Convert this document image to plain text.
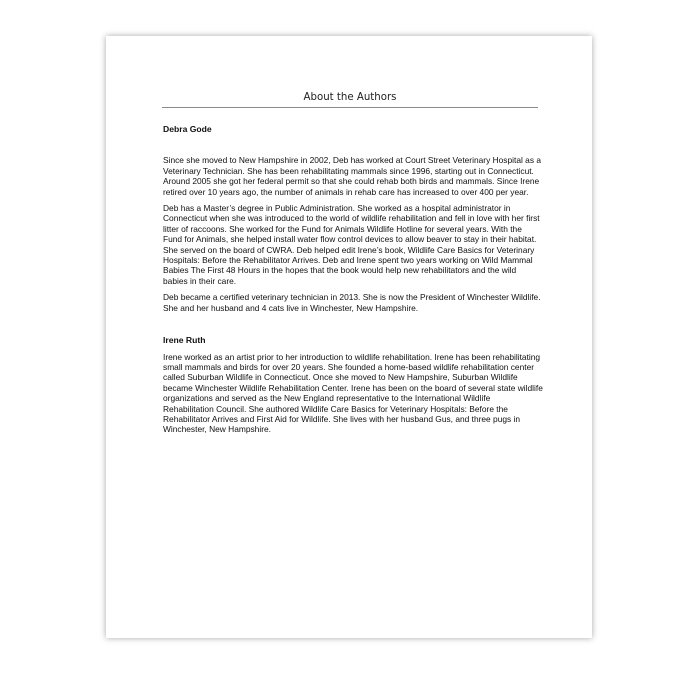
About the Authors

Debra Gode

Since she moved to New Hampshire in 2002, Deb has worked at Court Street Veterinary Hospital as a Veterinary Technician. She has been rehabilitating mammals since 1996, starting out in Connecticut. Around 2005 she got her federal permit so that she could rehab both birds and mammals. Since Irene retired over 10 years ago, the number of animals in rehab care has increased to over 400 per year.

Deb has a Master’s degree in Public Administration. She worked as a hospital administrator in Connecticut when she was introduced to the world of wildlife rehabilitation and fell in love with her first litter of raccoons. She worked for the Fund for Animals Wildlife Hotline for several years. With the Fund for Animals, she helped install water flow control devices to allow beaver to stay in their habitat. She served on the board of CWRA. Deb helped edit Irene’s book, Wildlife Care Basics for Veterinary Hospitals: Before the Rehabilitator Arrives. Deb and Irene spent two years working on Wild Mammal Babies The First 48 Hours in the hopes that the book would help new rehabilitators and the wild babies in their care.

Deb became a certified veterinary technician in 2013. She is now the President of Winchester Wildlife. She and her husband and 4 cats live in Winchester, New Hampshire.

Irene Ruth

Irene worked as an artist prior to her introduction to wildlife rehabilitation. Irene has been rehabilitating small mammals and birds for over 20 years. She founded a home-based wildlife rehabilitation center called Suburban Wildlife in Connecticut. Once she moved to New Hampshire, Suburban Wildlife became Winchester Wildlife Rehabilitation Center. Irene has been on the board of several state wildlife organizations and served as the New England representative to the International Wildlife Rehabilitation Council. She authored Wildlife Care Basics for Veterinary Hospitals: Before the Rehabilitator Arrives and First Aid for Wildlife. She lives with her husband Gus, and three pugs in Winchester, New Hampshire.
